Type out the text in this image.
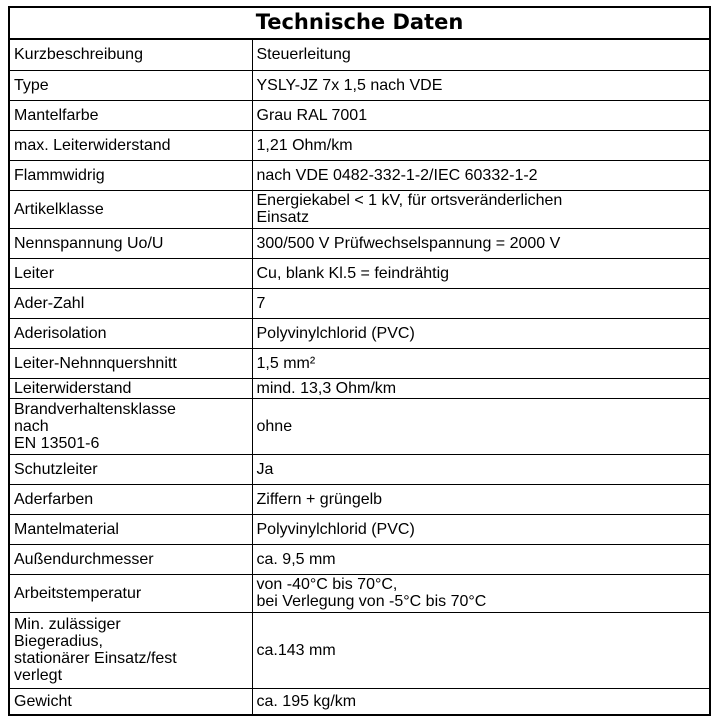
Technische Daten
Kurzbeschreibung	Steuerleitung
Type	YSLY-JZ 7x 1,5 nach VDE
Mantelfarbe	Grau RAL 7001
max. Leiterwiderstand	1,21 Ohm/km
Flammwidrig	nach VDE 0482-332-1-2/IEC 60332-1-2
Artikelklasse	Energiekabel < 1 kV, für ortsveränderlichen
Einsatz
Nennspannung Uo/U	300/500 V Prüfwechselspannung = 2000 V
Leiter	Cu, blank Kl.5 = feindrähtig
Ader-Zahl	7
Aderisolation	Polyvinylchlorid (PVC)
Leiter-Nehnnquershnitt	1,5 mm²
Leiterwiderstand	mind. 13,3 Ohm/km
Brandverhaltensklasse
nach
EN 13501-6	ohne
Schutzleiter	Ja
Aderfarben	Ziffern + grüngelb
Mantelmaterial	Polyvinylchlorid (PVC)
Außendurchmesser	ca. 9,5 mm
Arbeitstemperatur	von -40°C bis 70°C,
bei Verlegung von -5°C bis 70°C
Min. zulässiger
Biegeradius,
stationärer Einsatz/fest
verlegt	ca.143 mm
Gewicht	ca. 195 kg/km
